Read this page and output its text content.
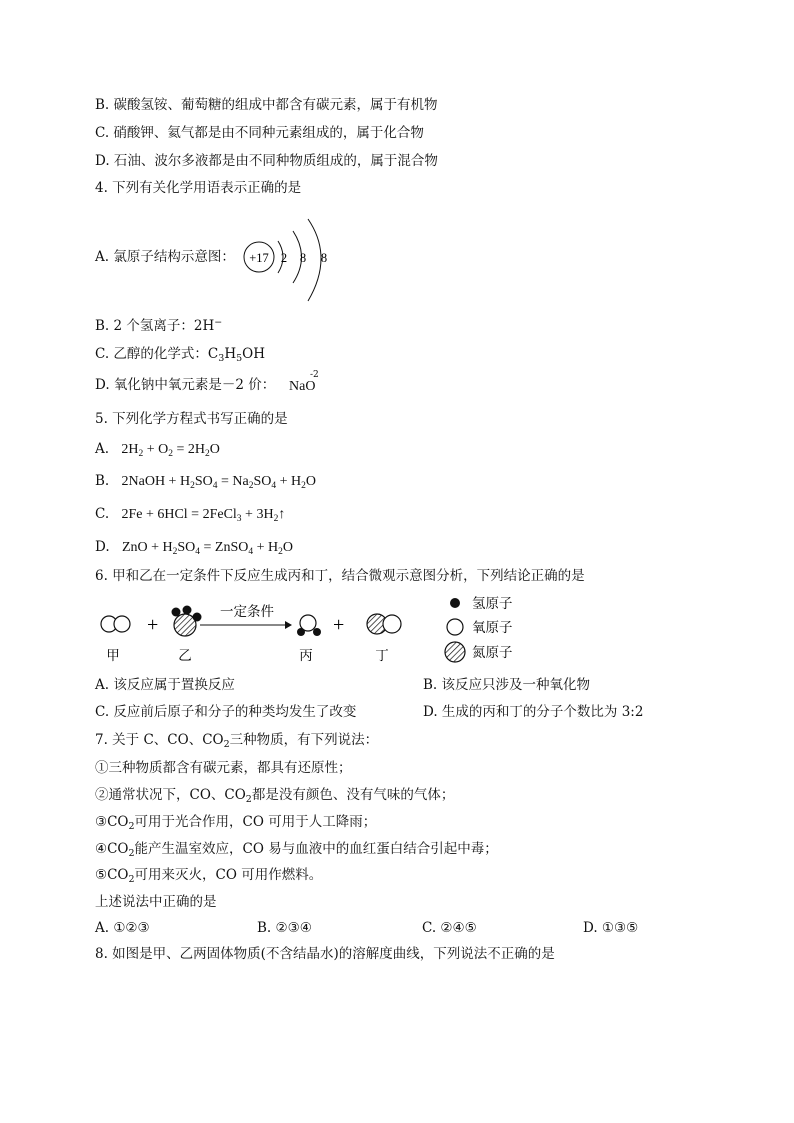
B. 碳酸氢铵、葡萄糖的组成中都含有碳元素，属于有机物
C. 硝酸钾、氦气都是由不同种元素组成的，属于化合物
D. 石油、波尔多液都是由不同种物质组成的，属于混合物
4. 下列有关化学用语表示正确的是
A. 氯原子结构示意图： +17 2 8 8
B. 2 个氢离子：2H−
C. 乙醇的化学式：$C_3H_5OH$
D. 氧化钠中氧元素是－2 价： NaO
-2
5. 下列化学方程式书写正确的是
A. $2H_2 + O_2 = 2H_2O$
B. 2NaOH + $H_2SO_4 = Na_2SO_4 + H_2O$
C. 2Fe + 6HCl = 2FeCl$_3$ + $3H_2↑$
D. ZnO + $H_2SO_4$ = ZnSO$_4$ + $H_2O$
6. 甲和乙在一定条件下反应生成丙和丁，结合微观示意图分析，下列结论正确的是
+
一定条件
+
甲	乙	丙	丁
氢原子
氧原子
氮原子
A. 该反应属于置换反应	B. 该反应只涉及一种氧化物
C. 反应前后原子和分子的种类均发生了改变	D. 生成的丙和丁的分子个数比为 3:2
7. 关于 C、CO、$CO_2$三种物质，有下列说法：
①三种物质都含有碳元素，都具有还原性；
②通常状况下，CO、$CO_2$都是没有颜色、没有气味的气体；
$③CO_2$可用于光合作用，CO 可用于人工降雨；
$④CO_2$能产生温室效应，CO 易与血液中的血红蛋白结合引起中毒；
$⑤CO_2$可用来灭火，CO 可用作燃料。
上述说法中正确的是
A. ①②③	B. ②③④	C. ②④⑤	D. ①③⑤
8. 如图是甲、乙两固体物质(不含结晶水)的溶解度曲线，下列说法不正确的是
